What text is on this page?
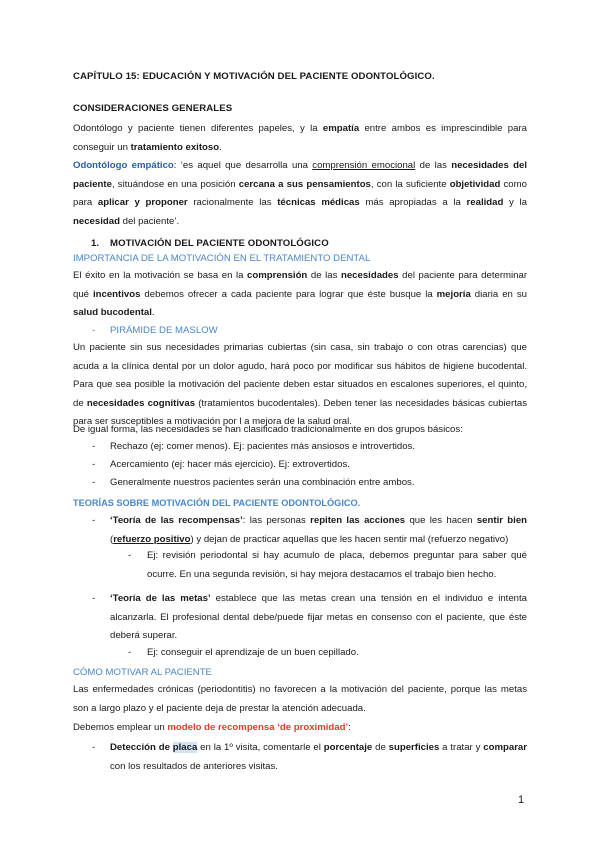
CAPÍTULO 15: EDUCACIÓN Y MOTIVACIÓN DEL PACIENTE ODONTOLÓGICO.

CONSIDERACIONES GENERALES

Odontólogo y paciente tienen diferentes papeles, y la empatía entre ambos es imprescindible para conseguir un tratamiento exitoso.

Odontólogo empático: ‘es aquel que desarrolla una comprensión emocional de las necesidades del paciente, situándose en una posición cercana a sus pensamientos, con la suficiente objetividad como para aplicar y proponer racionalmente las técnicas médicas más apropiadas a la realidad y la necesidad del paciente’.

1. MOTIVACIÓN DEL PACIENTE ODONTOLÓGICO

IMPORTANCIA DE LA MOTIVACIÓN EN EL TRATAMIENTO DENTAL

El éxito en la motivación se basa en la comprensión de las necesidades del paciente para determinar qué incentivos debemos ofrecer a cada paciente para lograr que éste busque la mejoría diaria en su salud bucodental.

- PIRÁMIDE DE MASLOW

Un paciente sin sus necesidades primarias cubiertas (sin casa, sin trabajo o con otras carencias) que acuda a la clínica dental por un dolor agudo, hará poco por modificar sus hábitos de higiene bucodental. Para que sea posible la motivación del paciente deben estar situados en escalones superiores, el quinto, de necesidades cognitivas (tratamientos bucodentales). Deben tener las necesidades básicas cubiertas para ser susceptibles a motivación por l a mejora de la salud oral.

De igual forma, las necesidades se han clasificado tradicionalmente en dos grupos básicos:

- Rechazo (ej: comer menos). Ej: pacientes más ansiosos e introvertidos.

- Acercamiento (ej: hacer más ejercicio). Ej: extrovertidos.

- Generalmente nuestros pacientes serán una combinación entre ambos.

TEORÍAS SOBRE MOTIVACIÓN DEL PACIENTE ODONTOLÓGICO.

- ‘Teoría de las recompensas’: las personas repiten las acciones que les hacen sentir bien (refuerzo positivo) y dejan de practicar aquellas que les hacen sentir mal (refuerzo negativo)

- Ej: revisión periodontal si hay acumulo de placa, debemos preguntar para saber qué ocurre. En una segunda revisión, si hay mejora destacamos el trabajo bien hecho.

- ‘Teoría de las metas’ establece que las metas crean una tensión en el individuo e intenta alcanzarla. El profesional dental debe/puede fijar metas en consenso con el paciente, que éste deberá superar.

- Ej: conseguir el aprendizaje de un buen cepillado.

CÓMO MOTIVAR AL PACIENTE

Las enfermedades crónicas (periodontitis) no favorecen a la motivación del paciente, porque las metas son a largo plazo y el paciente deja de prestar la atención adecuada.

Debemos emplear un modelo de recompensa ‘de proximidad’:

- Detección de placa en la 1º visita, comentarle el porcentaje de superficies a tratar y comparar con los resultados de anteriores visitas.

1
